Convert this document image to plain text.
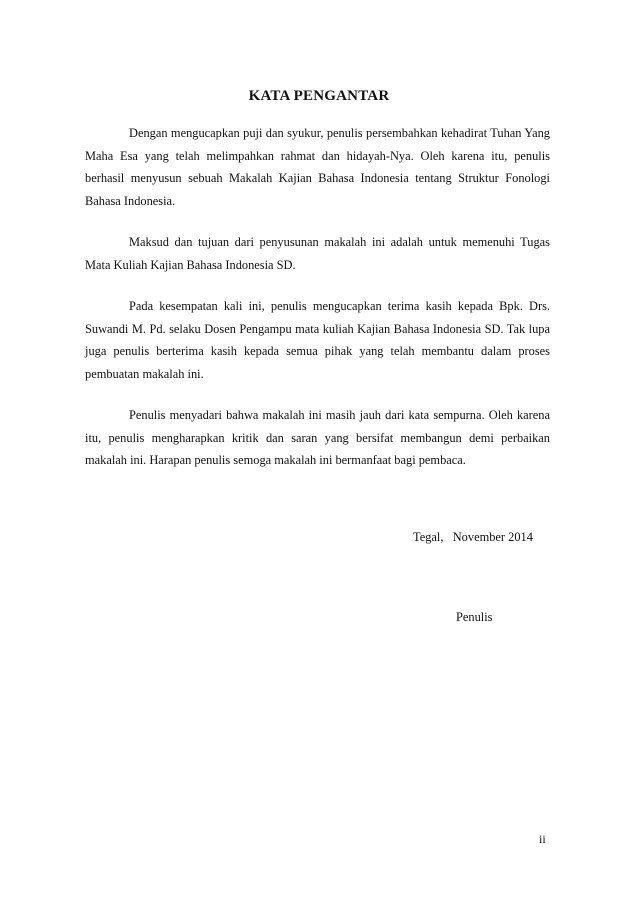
KATA PENGANTAR

Dengan mengucapkan puji dan syukur, penulis persembahkan kehadirat Tuhan Yang Maha Esa yang telah melimpahkan rahmat dan hidayah-Nya. Oleh karena itu, penulis berhasil menyusun sebuah Makalah Kajian Bahasa Indonesia tentang Struktur Fonologi Bahasa Indonesia.

Maksud dan tujuan dari penyusunan makalah ini adalah untuk memenuhi Tugas Mata Kuliah Kajian Bahasa Indonesia SD.

Pada kesempatan kali ini, penulis mengucapkan terima kasih kepada Bpk. Drs. Suwandi M. Pd. selaku Dosen Pengampu mata kuliah Kajian Bahasa Indonesia SD. Tak lupa juga penulis berterima kasih kepada semua pihak yang telah membantu dalam proses pembuatan makalah ini.

Penulis menyadari bahwa makalah ini masih jauh dari kata sempurna. Oleh karena itu, penulis mengharapkan kritik dan saran yang bersifat membangun demi perbaikan makalah ini. Harapan penulis semoga makalah ini bermanfaat bagi pembaca.

Tegal,   November 2014

Penulis

ii
